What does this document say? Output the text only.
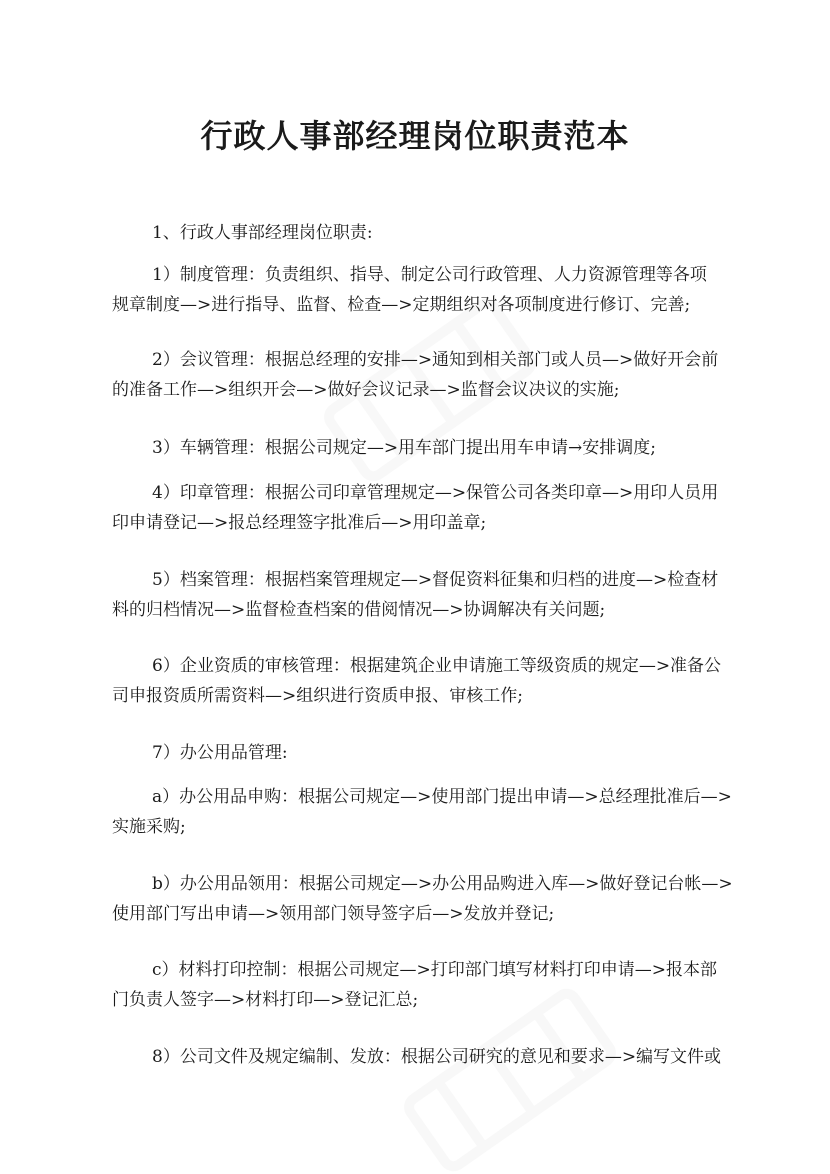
行政人事部经理岗位职责范本
1、行政人事部经理岗位职责:
1）制度管理：负责组织、指导、制定公司行政管理、人力资源管理等各项
规章制度—>进行指导、监督、检查—>定期组织对各项制度进行修订、完善;
2）会议管理：根据总经理的安排—>通知到相关部门或人员—>做好开会前
的准备工作—>组织开会—>做好会议记录—>监督会议决议的实施;
3）车辆管理：根据公司规定—>用车部门提出用车申请→安排调度;
4）印章管理：根据公司印章管理规定—>保管公司各类印章—>用印人员用
印申请登记—>报总经理签字批准后—>用印盖章;
5）档案管理：根据档案管理规定—>督促资料征集和归档的进度—>检查材
料的归档情况—>监督检查档案的借阅情况—>协调解决有关问题;
6）企业资质的审核管理：根据建筑企业申请施工等级资质的规定—>准备公
司申报资质所需资料—>组织进行资质申报、审核工作;
7）办公用品管理:
a）办公用品申购：根据公司规定—>使用部门提出申请—>总经理批准后—>
实施采购;
b）办公用品领用：根据公司规定—>办公用品购进入库—>做好登记台帐—>
使用部门写出申请—>领用部门领导签字后—>发放并登记;
c）材料打印控制：根据公司规定—>打印部门填写材料打印申请—>报本部
门负责人签字—>材料打印—>登记汇总;
8）公司文件及规定编制、发放：根据公司研究的意见和要求—>编写文件或
